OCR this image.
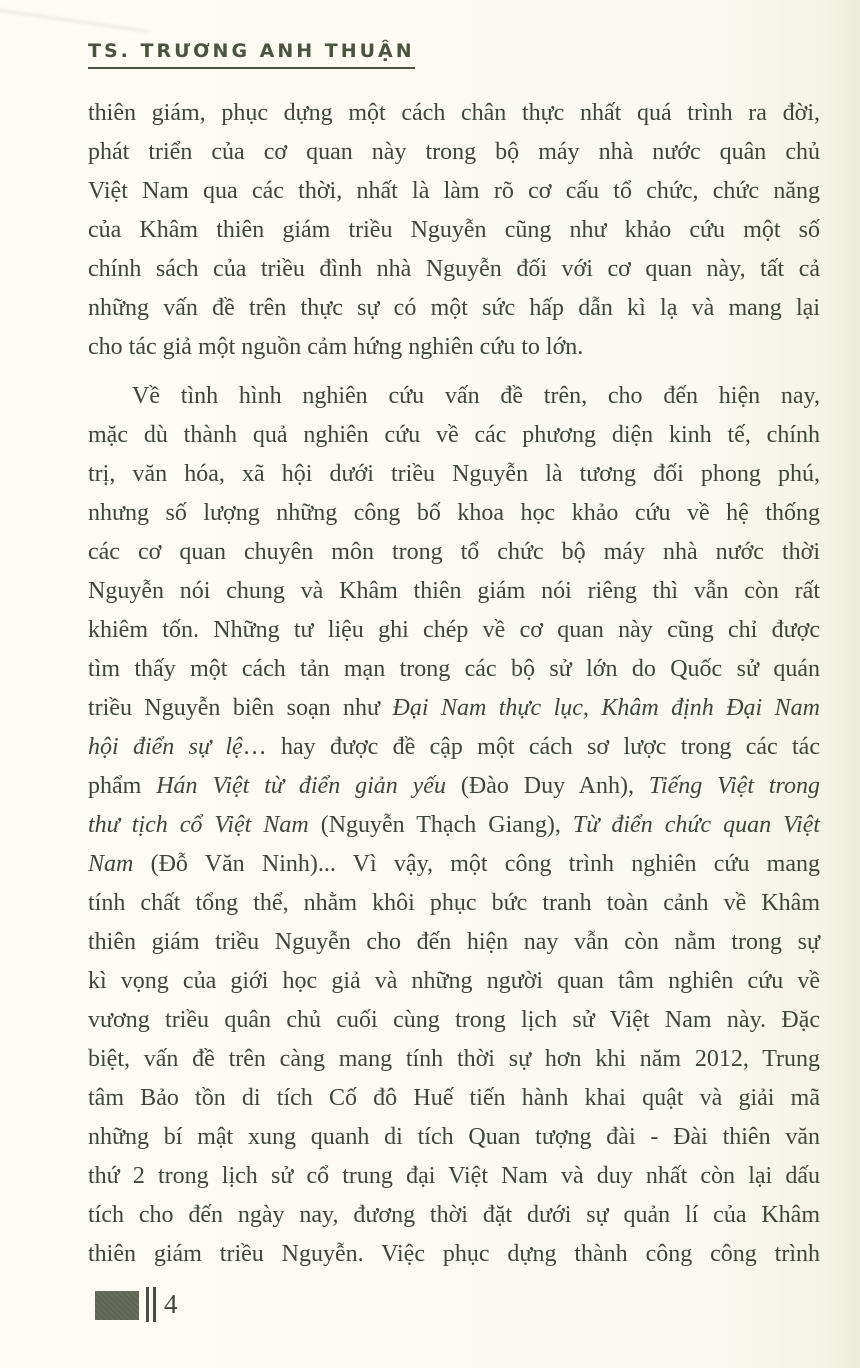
TS. TRƯƠNG ANH THUẬN
thiên giám, phục dựng một cách chân thực nhất quá trình ra đời,
phát triển của cơ quan này trong bộ máy nhà nước quân chủ
Việt Nam qua các thời, nhất là làm rõ cơ cấu tổ chức, chức năng
của Khâm thiên giám triều Nguyễn cũng như khảo cứu một số
chính sách của triều đình nhà Nguyễn đối với cơ quan này, tất cả
những vấn đề trên thực sự có một sức hấp dẫn kì lạ và mang lại
cho tác giả một nguồn cảm hứng nghiên cứu to lớn.
Về tình hình nghiên cứu vấn đề trên, cho đến hiện nay,
mặc dù thành quả nghiên cứu về các phương diện kinh tế, chính
trị, văn hóa, xã hội dưới triều Nguyễn là tương đối phong phú,
nhưng số lượng những công bố khoa học khảo cứu về hệ thống
các cơ quan chuyên môn trong tổ chức bộ máy nhà nước thời
Nguyễn nói chung và Khâm thiên giám nói riêng thì vẫn còn rất
khiêm tốn. Những tư liệu ghi chép về cơ quan này cũng chỉ được
tìm thấy một cách tản mạn trong các bộ sử lớn do Quốc sử quán
triều Nguyễn biên soạn như Đại Nam thực lục, Khâm định Đại Nam
hội điển sự lệ… hay được đề cập một cách sơ lược trong các tác
phẩm Hán Việt từ điển giản yếu (Đào Duy Anh), Tiếng Việt trong
thư tịch cổ Việt Nam (Nguyễn Thạch Giang), Từ điển chức quan Việt
Nam (Đỗ Văn Ninh)... Vì vậy, một công trình nghiên cứu mang
tính chất tổng thể, nhằm khôi phục bức tranh toàn cảnh về Khâm
thiên giám triều Nguyễn cho đến hiện nay vẫn còn nằm trong sự
kì vọng của giới học giả và những người quan tâm nghiên cứu về
vương triều quân chủ cuối cùng trong lịch sử Việt Nam này. Đặc
biệt, vấn đề trên càng mang tính thời sự hơn khi năm 2012, Trung
tâm Bảo tồn di tích Cố đô Huế tiến hành khai quật và giải mã
những bí mật xung quanh di tích Quan tượng đài - Đài thiên văn
thứ 2 trong lịch sử cổ trung đại Việt Nam và duy nhất còn lại dấu
tích cho đến ngày nay, đương thời đặt dưới sự quản lí của Khâm
thiên giám triều Nguyễn. Việc phục dựng thành công công trình
4
